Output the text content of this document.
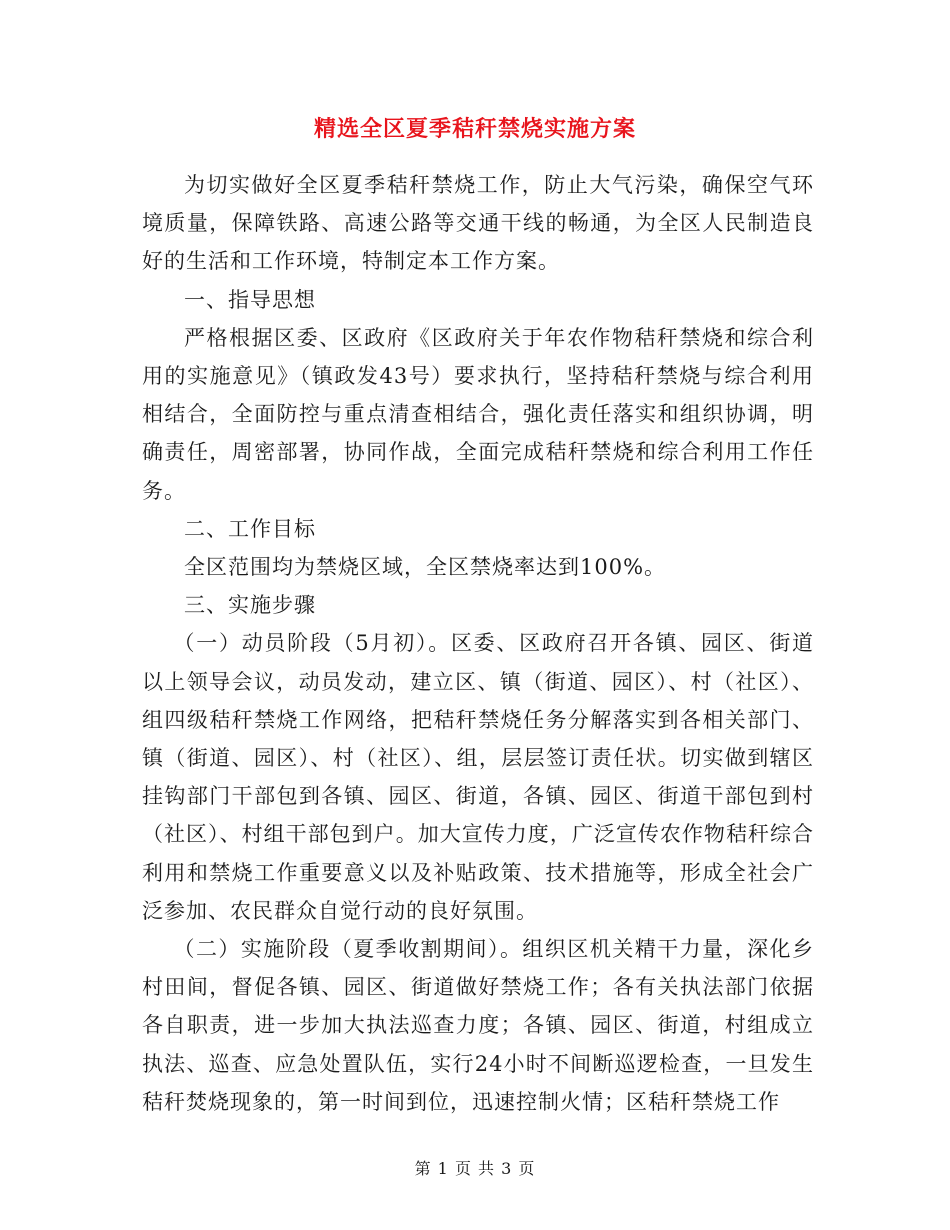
精选全区夏季秸秆禁烧实施方案

为切实做好全区夏季秸秆禁烧工作，防止大气污染，确保空气环境质量，保障铁路、高速公路等交通干线的畅通，为全区人民制造良好的生活和工作环境，特制定本工作方案。

一、指导思想

严格根据区委、区政府《区政府关于年农作物秸秆禁烧和综合利用的实施意见》（镇政发43号）要求执行，坚持秸秆禁烧与综合利用相结合，全面防控与重点清查相结合，强化责任落实和组织协调，明确责任，周密部署，协同作战，全面完成秸秆禁烧和综合利用工作任务。

二、工作目标

全区范围均为禁烧区域，全区禁烧率达到100%。

三、实施步骤

（一）动员阶段（5月初）。区委、区政府召开各镇、园区、街道以上领导会议，动员发动，建立区、镇（街道、园区）、村（社区）、组四级秸秆禁烧工作网络，把秸秆禁烧任务分解落实到各相关部门、镇（街道、园区）、村（社区）、组，层层签订责任状。切实做到辖区挂钩部门干部包到各镇、园区、街道，各镇、园区、街道干部包到村（社区）、村组干部包到户。加大宣传力度，广泛宣传农作物秸秆综合利用和禁烧工作重要意义以及补贴政策、技术措施等，形成全社会广泛参加、农民群众自觉行动的良好氛围。

（二）实施阶段（夏季收割期间）。组织区机关精干力量，深化乡村田间，督促各镇、园区、街道做好禁烧工作；各有关执法部门依据各自职责，进一步加大执法巡查力度；各镇、园区、街道，村组成立执法、巡查、应急处置队伍，实行24小时不间断巡逻检查，一旦发生秸秆焚烧现象的，第一时间到位，迅速控制火情；区秸秆禁烧工作

第 1 页 共 3 页
